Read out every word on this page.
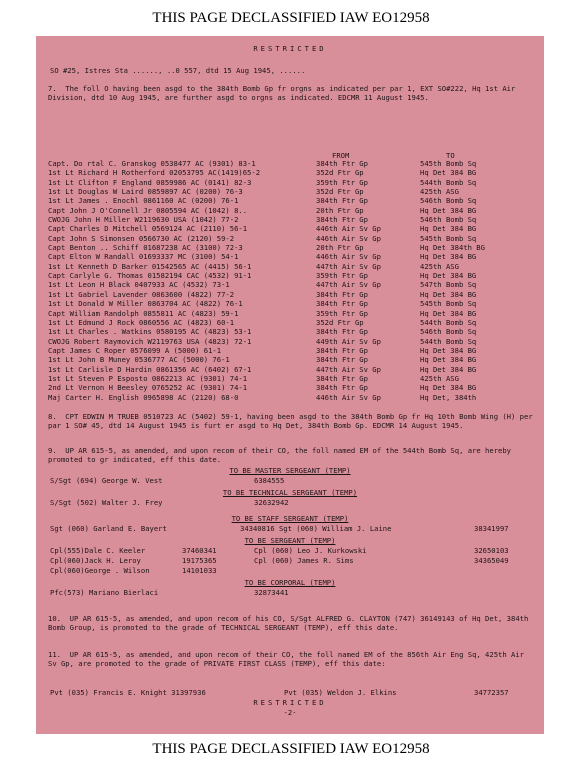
THIS PAGE DECLASSIFIED IAW EO12958
RESTRICTED
SO #25, Istres Sta ......, ..0 557, dtd 15 Aug 1945, ......
7.  The foll O having been asgd to the 384th Bomb Gp fr orgns as indicated per par 1, EXT SO#222, Hq 1st Air Division, dtd 10 Aug 1945, are further asgd to orgns as indicated. EDCMR 11 August 1945.
FROM	TO
Capt. Do rtal C. Granskog 0538477 AC (9301) 83-1	384th Ftr Gp	545th Bomb Sq
1st Lt Richard H Rotherford 02053795 AC(1419)65-2	352d Ftr Gp	Hq Det 384 BG
1st Lt Clifton F England 0859986 AC (0141) 82-3	359th Ftr Gp	544th Bomb Sq
1st Lt Douglas W Laird 0859897 AC (0200) 76-3	352d Ftr Gp	425th ASG
1st Lt James . Enochl 0861160 AC (0200) 76-1	384th Ftr Gp	546th Bomb Sq
Capt John J O'Connell Jr 0805594 AC (1042) 8..	20th Ftr Gp	Hq Det 384 BG
CWOJG John H Miller W2119630 USA (1042) 77-2	384th Ftr Gp	546th Bomb Sq
Capt Charles D Mitchell 0569124 AC (2110) 56-1	446th Air Sv Gp	Hq Det 384 BG
Capt John S Simonsen 0566730 AC (2120) 59-2	446th Air Sv Gp	545th Bomb Sq
Capt Benton .. Schiff 01687238 AC (3100) 72-3	20th Ftr Gp	Hq Det 384th BG
Capt Elton W Randall 01693337 MC (3100) 54-1	446th Air Sv Gp	Hq Det 384 BG
1st Lt Kenneth D Barker 01542565 AC (4415) 56-1	447th Air Sv Gp	425th ASG
Capt Carlyle G. Thomas 01582194 CAC (4532) 91-1	359th Ftr Gp	Hq Det 384 BG
1st Lt Leon H Black 0407933 AC (4532) 73-1	447th Air Sv Gp	547th Bomb Sq
1st Lt Gabriel Lavender 0863600 (4822) 77-2	384th Ftr Gp	Hq Det 384 BG
1st Lt Donald W Miller 0863704 AC (4822) 76-1	384th Ftr Gp	545th Bomb Sq
Capt William Randolph 0855811 AC (4823) 59-1	359th Ftr Gp	Hq Det 384 BG
1st Lt Edmund J Rock 0860556 AC (4823) 60-1	352d Ftr Gp	544th Bomb Sq
1st Lt Charles . Watkins 0580195 AC (4823) 53-1	384th Ftr Gp	546th Bomb Sq
CWOJG Robert Raymovich W2119763 USA (4823) 72-1	449th Air Sv Gp	544th Bomb Sq
Capt James C Roper 0576099 A (5000) 61-1	384th Ftr Gp	Hq Det 384 BG
1st Lt John B Muney 0536777 AC (5000) 76-1	384th Ftr Gp	Hq Det 384 BG
1st Lt Carlisle D Hardin 0861356 AC (6402) 67-1	447th Air Sv Gp	Hq Det 384 BG
1st Lt Steven P Esposto 0862213 AC (9301) 74-1	384th Ftr Gp	425th ASG
2nd Lt Vernon H Beesley 0765252 AC (9301) 74-1	384th Ftr Gp	Hq Det 384 BG
Maj Carter H. English 0965898 AC (2120) 68-0	446th Air Sv Gp	Hq Det, 384th
8.  CPT EDWIN M TRUEB 0510723 AC (5402) 59-1, having been asgd to the 384th Bomb Gp fr Hq 10th Bomb Wing (H) per par 1 SO# 45, dtd 14 August 1945 is furt er asgd to Hq Det, 384th Bomb Gp. EDCMR 14 August 1945.
9.  UP AR 615-5, as amended, and upon recom of their CO, the foll named EM of the 544th Bomb Sq, are hereby promoted to gr indicated, eff this date.
TO BE MASTER SERGEANT (TEMP)
S/Sgt (694) George W. Vest	6384555
TO BE TECHNICAL SERGEANT (TEMP)
S/Sgt (502) Walter J. Frey	32632942
TO BE STAFF SERGEANT (TEMP)
Sgt (060) Garland E. Bayert	34340816 Sgt (060) William J. Laine	38341997
TO BE SERGEANT (TEMP)
Cpl(555)Dale C. Keeler	37460341	Cpl (060) Leo J. Kurkowski	32650103
Cpl(060)Jack H. Leroy	19175365	Cpl (060) James R. Sims	34365049
Cpl(060)George . Wilson	14101033
TO BE CORPORAL (TEMP)
Pfc(573) Mariano Bierlaci	32873441
10.  UP AR 615-5, as amended, and upon recom of his CO, S/Sgt ALFRED G. CLAYTON (747) 36149143 of Hq Det, 384th Bomb Group, is promoted to the grade of TECHNICAL SERGEANT (TEMP), eff this date.
11.  UP AR 615-5, as amended, and upon recom of their CO, the foll named EM of the 856th Air Eng Sq, 425th Air Sv Gp, are promoted to the grade of PRIVATE FIRST CLASS (TEMP), eff this date:
Pvt (035) Francis E. Knight 31397936	Pvt (035) Weldon J. Elkins	34772357
RESTRICTED
-2-
THIS PAGE DECLASSIFIED IAW EO12958
